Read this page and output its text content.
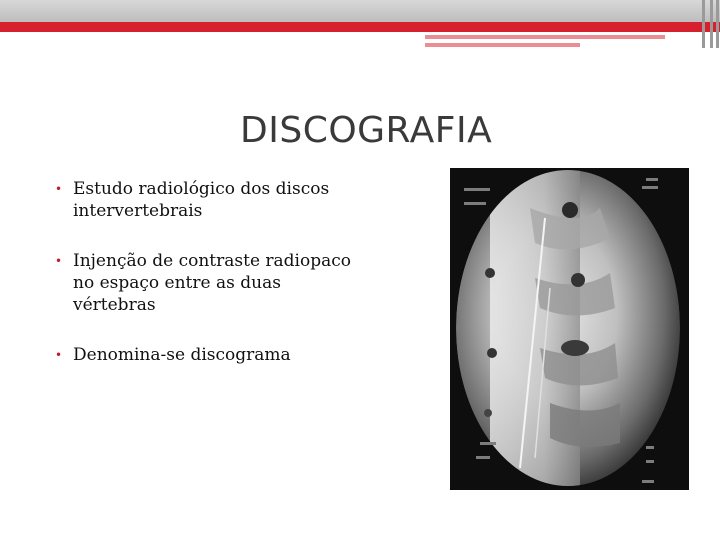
DISCOGRAFIA
• Estudo radiológico dos discos intervertebrais
• Injenção de contraste radiopaco no espaço entre as duas vértebras
• Denomina-se discograma
